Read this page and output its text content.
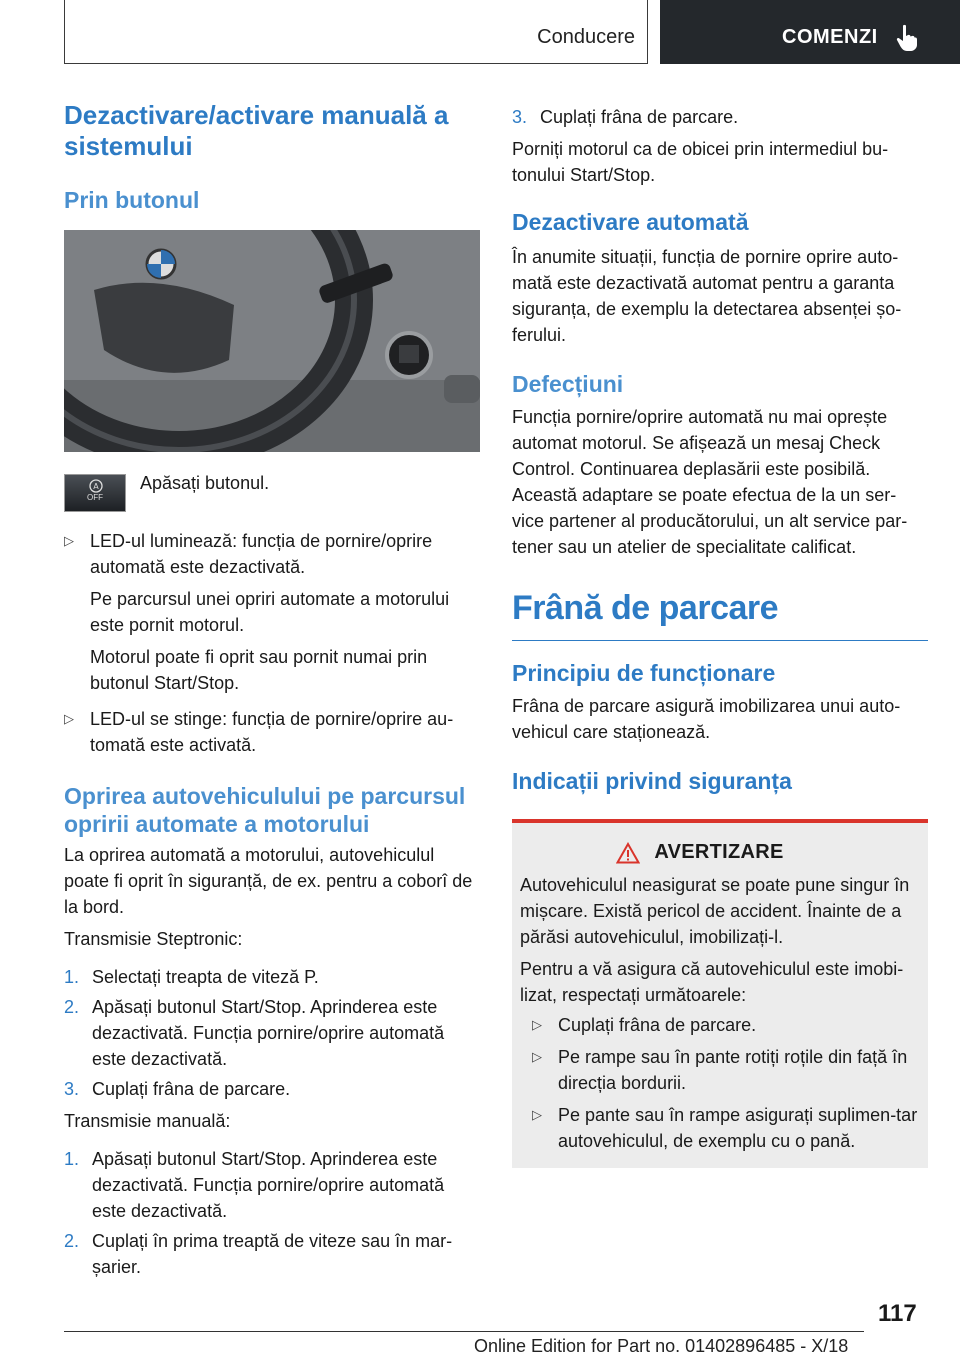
Conducere	COMENZI
Dezactivare/activare manuală a sistemului
Prin butonul
A
OFF

Apăsați butonul.

▷ LED-ul luminează: funcția de pornire/oprire automată este dezactivată.

Pe parcursul unei opriri automate a motorului este pornit motorul.

Motorul poate fi oprit sau pornit numai prin butonul Start/Stop.

▷ LED-ul se stinge: funcția de pornire/oprire au-tomată este activată.

Oprirea autovehiculului pe parcursul opririi automate a motorului

La oprirea automată a motorului, autovehiculul poate fi oprit în siguranță, de ex. pentru a coborî de la bord.

Transmisie Steptronic:

1. Selectați treapta de viteză P.

2. Apăsați butonul Start/Stop. Aprinderea este dezactivată. Funcția pornire/oprire automată este dezactivată.

3. Cuplați frâna de parcare.

Transmisie manuală:

1. Apăsați butonul Start/Stop. Aprinderea este dezactivată. Funcția pornire/oprire automată este dezactivată.

2. Cuplați în prima treaptă de viteze sau în mar-șarier.

3. Cuplați frâna de parcare.

Porniți motorul ca de obicei prin intermediul bu-tonului Start/Stop.

Dezactivare automată

În anumite situații, funcția de pornire oprire auto-mată este dezactivată automat pentru a garanta siguranța, de exemplu la detectarea absenței șo-ferului.

Defecțiuni

Funcția pornire/oprire automată nu mai oprește automat motorul. Se afișează un mesaj Check Control. Continuarea deplasării este posibilă. Această adaptare se poate efectua de la un ser-vice partener al producătorului, un alt service par-tener sau un atelier de specialitate calificat.

Frână de parcare
Principiu de funcționare

Frâna de parcare asigură imobilizarea unui auto-vehicul care staționează.

Indicații privind siguranța
AVERTIZARE

Autovehiculul neasigurat se poate pune singur în mișcare. Există pericol de accident. Înainte de a părăsi autovehiculul, imobilizați-l.

Pentru a vă asigura că autovehiculul este imobi-lizat, respectați următoarele:

▷ Cuplați frâna de parcare.

▷ Pe rampe sau în pante rotiți roțile din față în direcția bordurii.

▷ Pe pante sau în rampe asigurați suplimen-tar autovehiculul, de exemplu cu o pană.

117
Online Edition for Part no. 01402896485 - X/18
